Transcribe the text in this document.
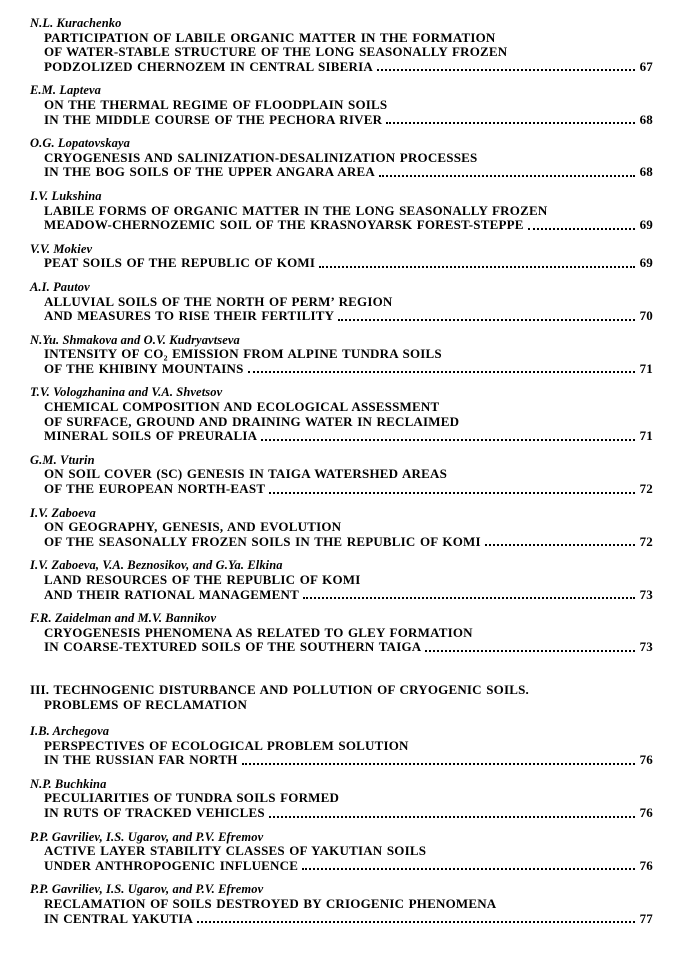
N.L. Kurachenko
PARTICIPATION OF LABILE ORGANIC MATTER IN THE FORMATION
OF WATER-STABLE STRUCTURE OF THE LONG SEASONALLY FROZEN
PODZOLIZED CHERNOZEM IN CENTRAL SIBERIA	67
E.M. Lapteva
ON THE THERMAL REGIME OF FLOODPLAIN SOILS
IN THE MIDDLE COURSE OF THE PECHORA RIVER	68
O.G. Lopatovskaya
CRYOGENESIS AND SALINIZATION-DESALINIZATION PROCESSES
IN THE BOG SOILS OF THE UPPER ANGARA AREA	68
I.V. Lukshina
LABILE FORMS OF ORGANIC MATTER IN THE LONG SEASONALLY FROZEN
MEADOW-CHERNOZEMIC SOIL OF THE KRASNOYARSK FOREST-STEPPE	69
V.V. Mokiev
PEAT SOILS OF THE REPUBLIC OF KOMI	69
A.I. Pautov
ALLUVIAL SOILS OF THE NORTH OF PERM’ REGION
AND MEASURES TO RISE THEIR FERTILITY	70
N.Yu. Shmakova and O.V. Kudryavtseva
INTENSITY OF CO₂ EMISSION FROM ALPINE TUNDRA SOILS
OF THE KHIBINY MOUNTAINS	71
T.V. Vologzhanina and V.A. Shvetsov
CHEMICAL COMPOSITION AND ECOLOGICAL ASSESSMENT
OF SURFACE, GROUND AND DRAINING WATER IN RECLAIMED
MINERAL SOILS OF PREURALIA	71
G.M. Vturin
ON SOIL COVER (SC) GENESIS IN TAIGA WATERSHED AREAS
OF THE EUROPEAN NORTH-EAST	72
I.V. Zaboeva
ON GEOGRAPHY, GENESIS, AND EVOLUTION
OF THE SEASONALLY FROZEN SOILS IN THE REPUBLIC OF KOMI	72
I.V. Zaboeva, V.A. Beznosikov, and G.Ya. Elkina
LAND RESOURCES OF THE REPUBLIC OF KOMI
AND THEIR RATIONAL MANAGEMENT	73
F.R. Zaidelman and M.V. Bannikov
CRYOGENESIS PHENOMENA AS RELATED TO GLEY FORMATION
IN COARSE-TEXTURED SOILS OF THE SOUTHERN TAIGA	73
III. TECHNOGENIC DISTURBANCE AND POLLUTION OF CRYOGENIC SOILS.
PROBLEMS OF RECLAMATION
I.B. Archegova
PERSPECTIVES OF ECOLOGICAL PROBLEM SOLUTION
IN THE RUSSIAN FAR NORTH	76
N.P. Buchkina
PECULIARITIES OF TUNDRA SOILS FORMED
IN RUTS OF TRACKED VEHICLES	76
P.P. Gavriliev, I.S. Ugarov, and P.V. Efremov
ACTIVE LAYER STABILITY CLASSES OF YAKUTIAN SOILS
UNDER ANTHROPOGENIC INFLUENCE	76
P.P. Gavriliev, I.S. Ugarov, and P.V. Efremov
RECLAMATION OF SOILS DESTROYED BY CRIOGENIC PHENOMENA
IN CENTRAL YAKUTIA	77
